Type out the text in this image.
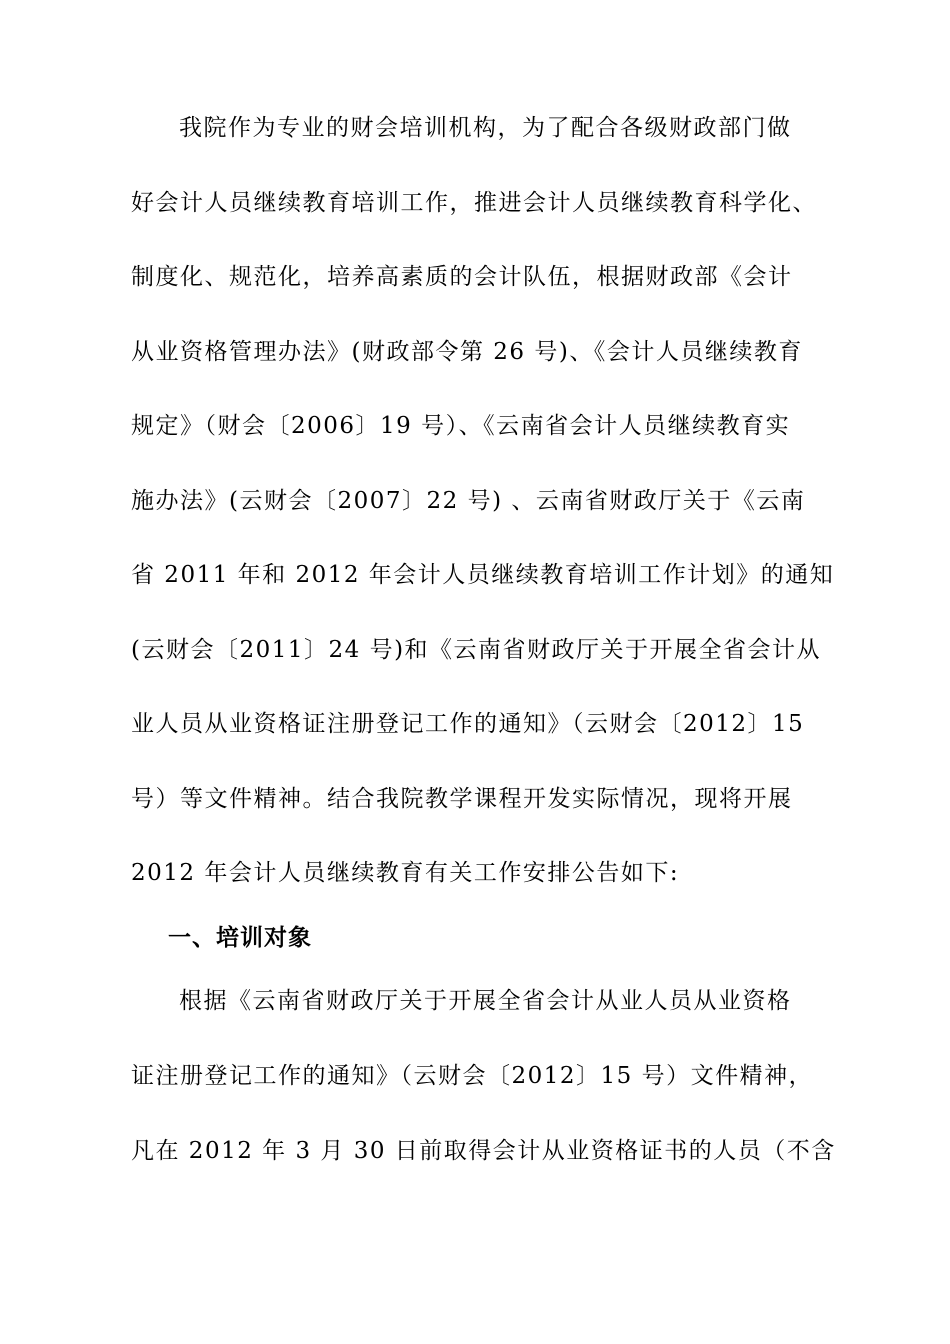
我院作为专业的财会培训机构，为了配合各级财政部门做
好会计人员继续教育培训工作，推进会计人员继续教育科学化、
制度化、规范化，培养高素质的会计队伍，根据财政部《会计
从业资格管理办法》(财政部令第 26 号)、《会计人员继续教育
规定》（财会〔2006〕19 号）、《云南省会计人员继续教育实
施办法》(云财会〔2007〕22 号) 、云南省财政厅关于《云南
省 2011 年和 2012 年会计人员继续教育培训工作计划》的通知
(云财会〔2011〕24 号)和《云南省财政厅关于开展全省会计从
业人员从业资格证注册登记工作的通知》（云财会〔2012〕15
号）等文件精神。结合我院教学课程开发实际情况，现将开展
2012 年会计人员继续教育有关工作安排公告如下:
一、培训对象
根据《云南省财政厅关于开展全省会计从业人员从业资格
证注册登记工作的通知》（云财会〔2012〕15 号）文件精神，
凡在 2012 年 3 月 30 日前取得会计从业资格证书的人员（不含
